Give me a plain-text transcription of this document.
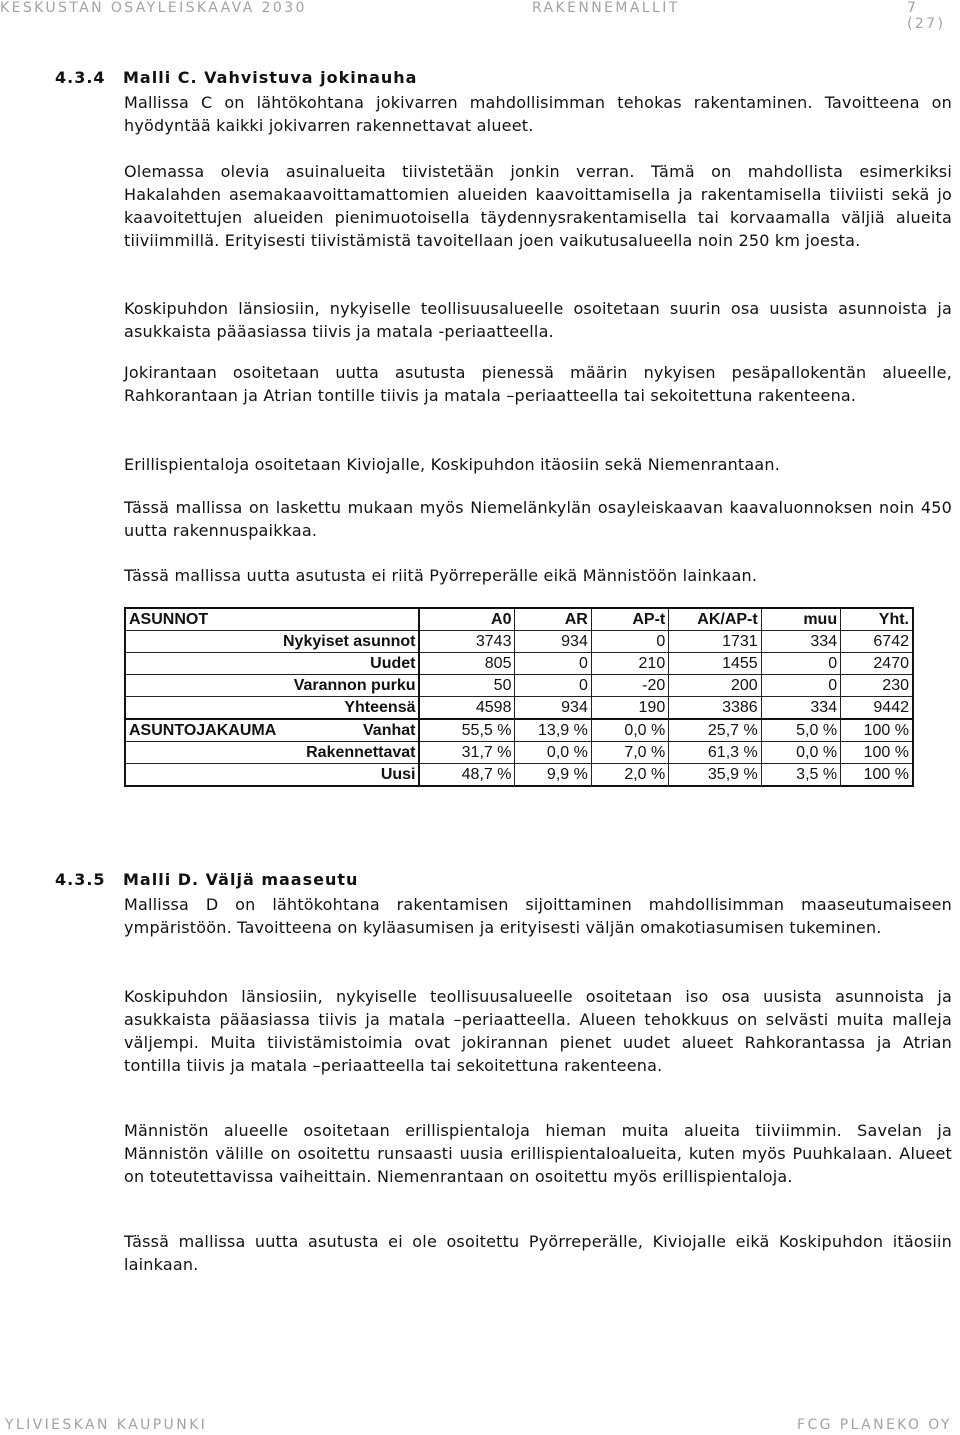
KESKUSTAN OSAYLEISKAAVA 2030	RAKENNEMALLIT	7 (27)
4.3.4 Malli C. Vahvistuva jokinauha

Mallissa C on lähtökohtana jokivarren mahdollisimman tehokas rakentaminen. Tavoitteena on hyödyntää kaikki jokivarren rakennettavat alueet.

Olemassa olevia asuinalueita tiivistetään jonkin verran. Tämä on mahdollista esimerkiksi Hakalahden asemakaavoittamattomien alueiden kaavoittamisella ja rakentamisella tiiviisti sekä jo kaavoitettujen alueiden pienimuotoisella täydennysrakentamisella tai korvaamalla väljiä alueita tiiviimmillä. Erityisesti tiivistämistä tavoitellaan joen vaikutusalueella noin 250 km joesta.

Koskipuhdon länsiosiin, nykyiselle teollisuusalueelle osoitetaan suurin osa uusista asunnoista ja asukkaista pääasiassa tiivis ja matala -periaatteella.

Jokirantaan osoitetaan uutta asutusta pienessä määrin nykyisen pesäpallokentän alueelle, Rahkorantaan ja Atrian tontille tiivis ja matala –periaatteella tai sekoitettuna rakenteena.

Erillispientaloja osoitetaan Kiviojalle, Koskipuhdon itäosiin sekä Niemenrantaan.

Tässä mallissa on laskettu mukaan myös Niemelänkylän osayleiskaavan kaavaluonnoksen noin 450 uutta rakennuspaikkaa.

Tässä mallissa uutta asutusta ei riitä Pyörreperälle eikä Männistöön lainkaan.

ASUNNOT	A0	AR	AP-t	AK/AP-t	muu	Yht.

Nykyiset asunnot	3743	934	0	1731	334	6742

Uudet	805	0	210	1455	0	2470

Varannon purku	50	0	-20	200	0	230

Yhteensä	4598	934	190	3386	334	9442

ASUNTOJAKAUMA Vanhat	55,5 %	13,9 %	0,0 %	25,7 %	5,0 %	100 %

Rakennettavat	31,7 %	0,0 %	7,0 %	61,3 %	0,0 %	100 %

Uusi	48,7 %	9,9 %	2,0 %	35,9 %	3,5 %	100 %
4.3.5 Malli D. Väljä maaseutu

Mallissa D on lähtökohtana rakentamisen sijoittaminen mahdollisimman maaseutumaiseen ympäristöön. Tavoitteena on kyläasumisen ja erityisesti väljän omakotiasumisen tukeminen.

Koskipuhdon länsiosiin, nykyiselle teollisuusalueelle osoitetaan iso osa uusista asunnoista ja asukkaista pääasiassa tiivis ja matala –periaatteella. Alueen tehokkuus on selvästi muita malleja väljempi. Muita tiivistämistoimia ovat jokirannan pienet uudet alueet Rahkorantassa ja Atrian tontilla tiivis ja matala –periaatteella tai sekoitettuna rakenteena.

Männistön alueelle osoitetaan erillispientaloja hieman muita alueita tiiviimmin. Savelan ja Männistön välille on osoitettu runsaasti uusia erillispientaloalueita, kuten myös Puuhkalaan. Alueet on toteutettavissa vaiheittain. Niemenrantaan on osoitettu myös erillispientaloja.

Tässä mallissa uutta asutusta ei ole osoitettu Pyörreperälle, Kiviojalle eikä Koskipuhdon itäosiin lainkaan.

YLIVIESKAN KAUPUNKI	FCG PLANEKO OY
